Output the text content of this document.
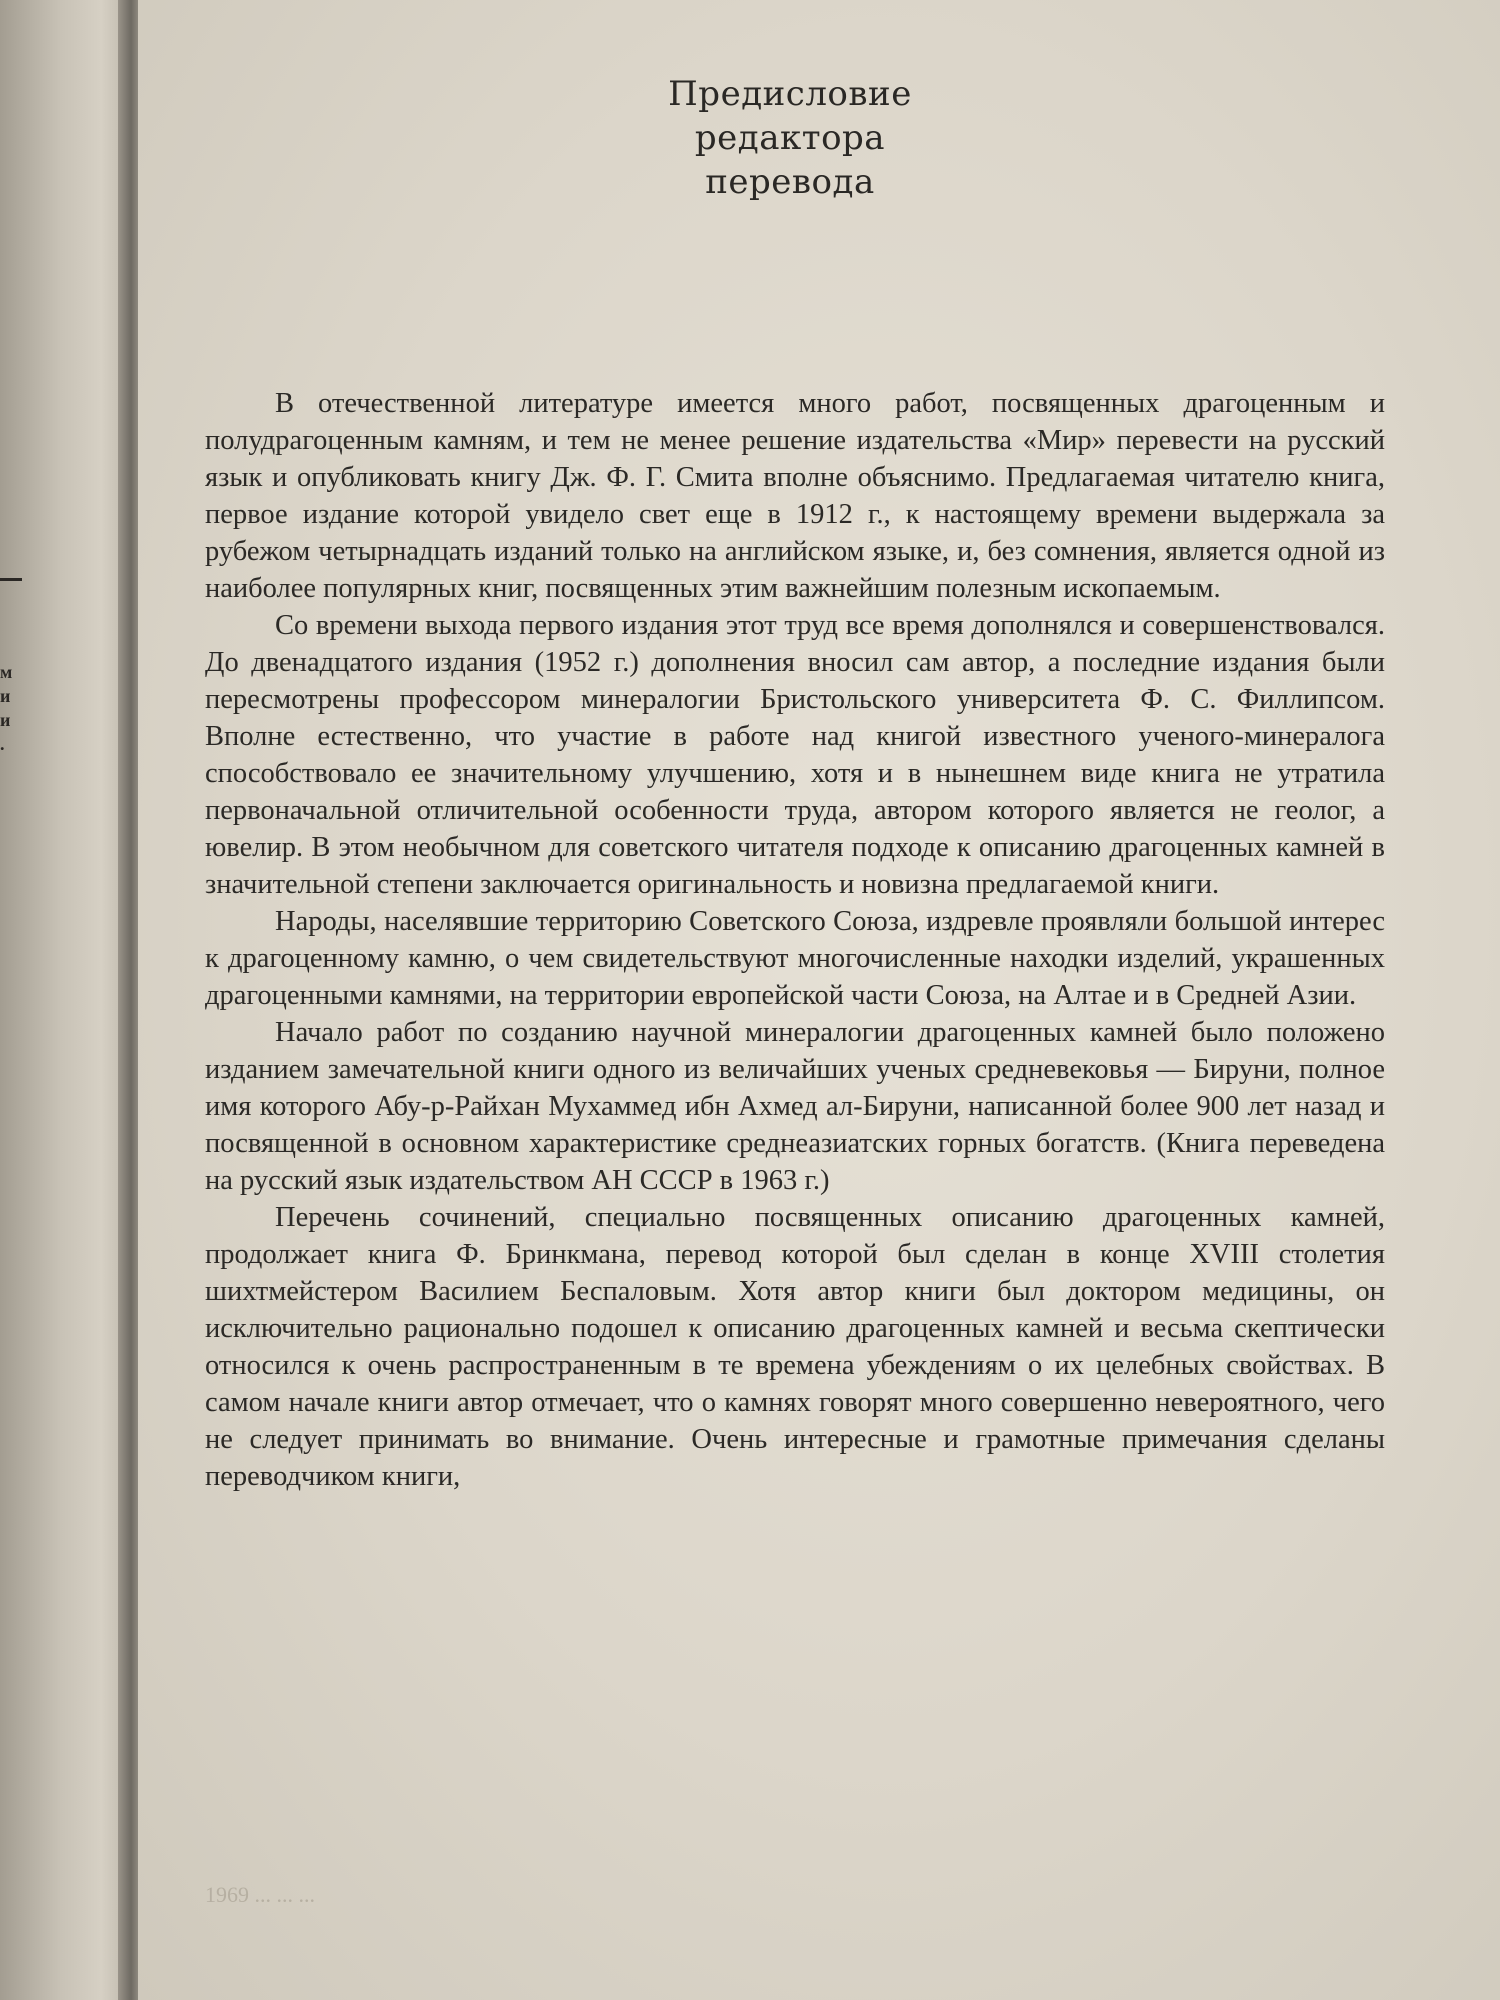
м
и
и
.
Предисловие
редактора
перевода

В отечественной литературе имеется много работ, посвященных драгоценным и полудрагоценным камням, и тем не менее решение издательства «Мир» перевести на русский язык и опубликовать книгу Дж. Ф. Г. Смита вполне объяснимо. Предлагаемая читателю книга, первое издание которой увидело свет еще в 1912 г., к настоящему времени выдержала за рубежом четырнадцать изданий только на английском языке, и, без сомнения, является одной из наиболее популярных книг, посвященных этим важнейшим полезным ископаемым.

Со времени выхода первого издания этот труд все время дополнялся и совершенствовался. До двенадцатого издания (1952 г.) дополнения вносил сам автор, а последние издания были пересмотрены профессором минералогии Бристольского университета Ф. С. Филлипсом. Вполне естественно, что участие в работе над книгой известного ученого-минералога способствовало ее значительному улучшению, хотя и в нынешнем виде книга не утратила первоначальной отличительной особенности труда, автором которого является не геолог, а ювелир. В этом необычном для советского читателя подходе к описанию драгоценных камней в значительной степени заключается оригинальность и новизна предлагаемой книги.

Народы, населявшие территорию Советского Союза, издревле проявляли большой интерес к драгоценному камню, о чем свидетельствуют многочисленные находки изделий, украшенных драгоценными камнями, на территории европейской части Союза, на Алтае и в Средней Азии.

Начало работ по созданию научной минералогии драгоценных камней было положено изданием замечательной книги одного из величайших ученых средневековья — Бируни, полное имя которого Абу-р-Райхан Мухаммед ибн Ахмед ал-Бируни, написанной более 900 лет назад и посвященной в основном характеристике среднеазиатских горных богатств. (Книга переведена на русский язык издательством АН СССР в 1963 г.)

Перечень сочинений, специально посвященных описанию драгоценных камней, продолжает книга Ф. Бринкмана, перевод которой был сделан в конце XVIII столетия шихтмейстером Василием Беспаловым. Хотя автор книги был доктором медицины, он исключительно рационально подошел к описанию драгоценных камней и весьма скептически относился к очень распространенным в те времена убеждениям о их целебных свойствах. В самом начале книги автор отмечает, что о камнях говорят много совершенно невероятного, чего не следует принимать во внимание. Очень интересные и грамотные примечания сделаны переводчиком книги,

1969 ... ... ...
